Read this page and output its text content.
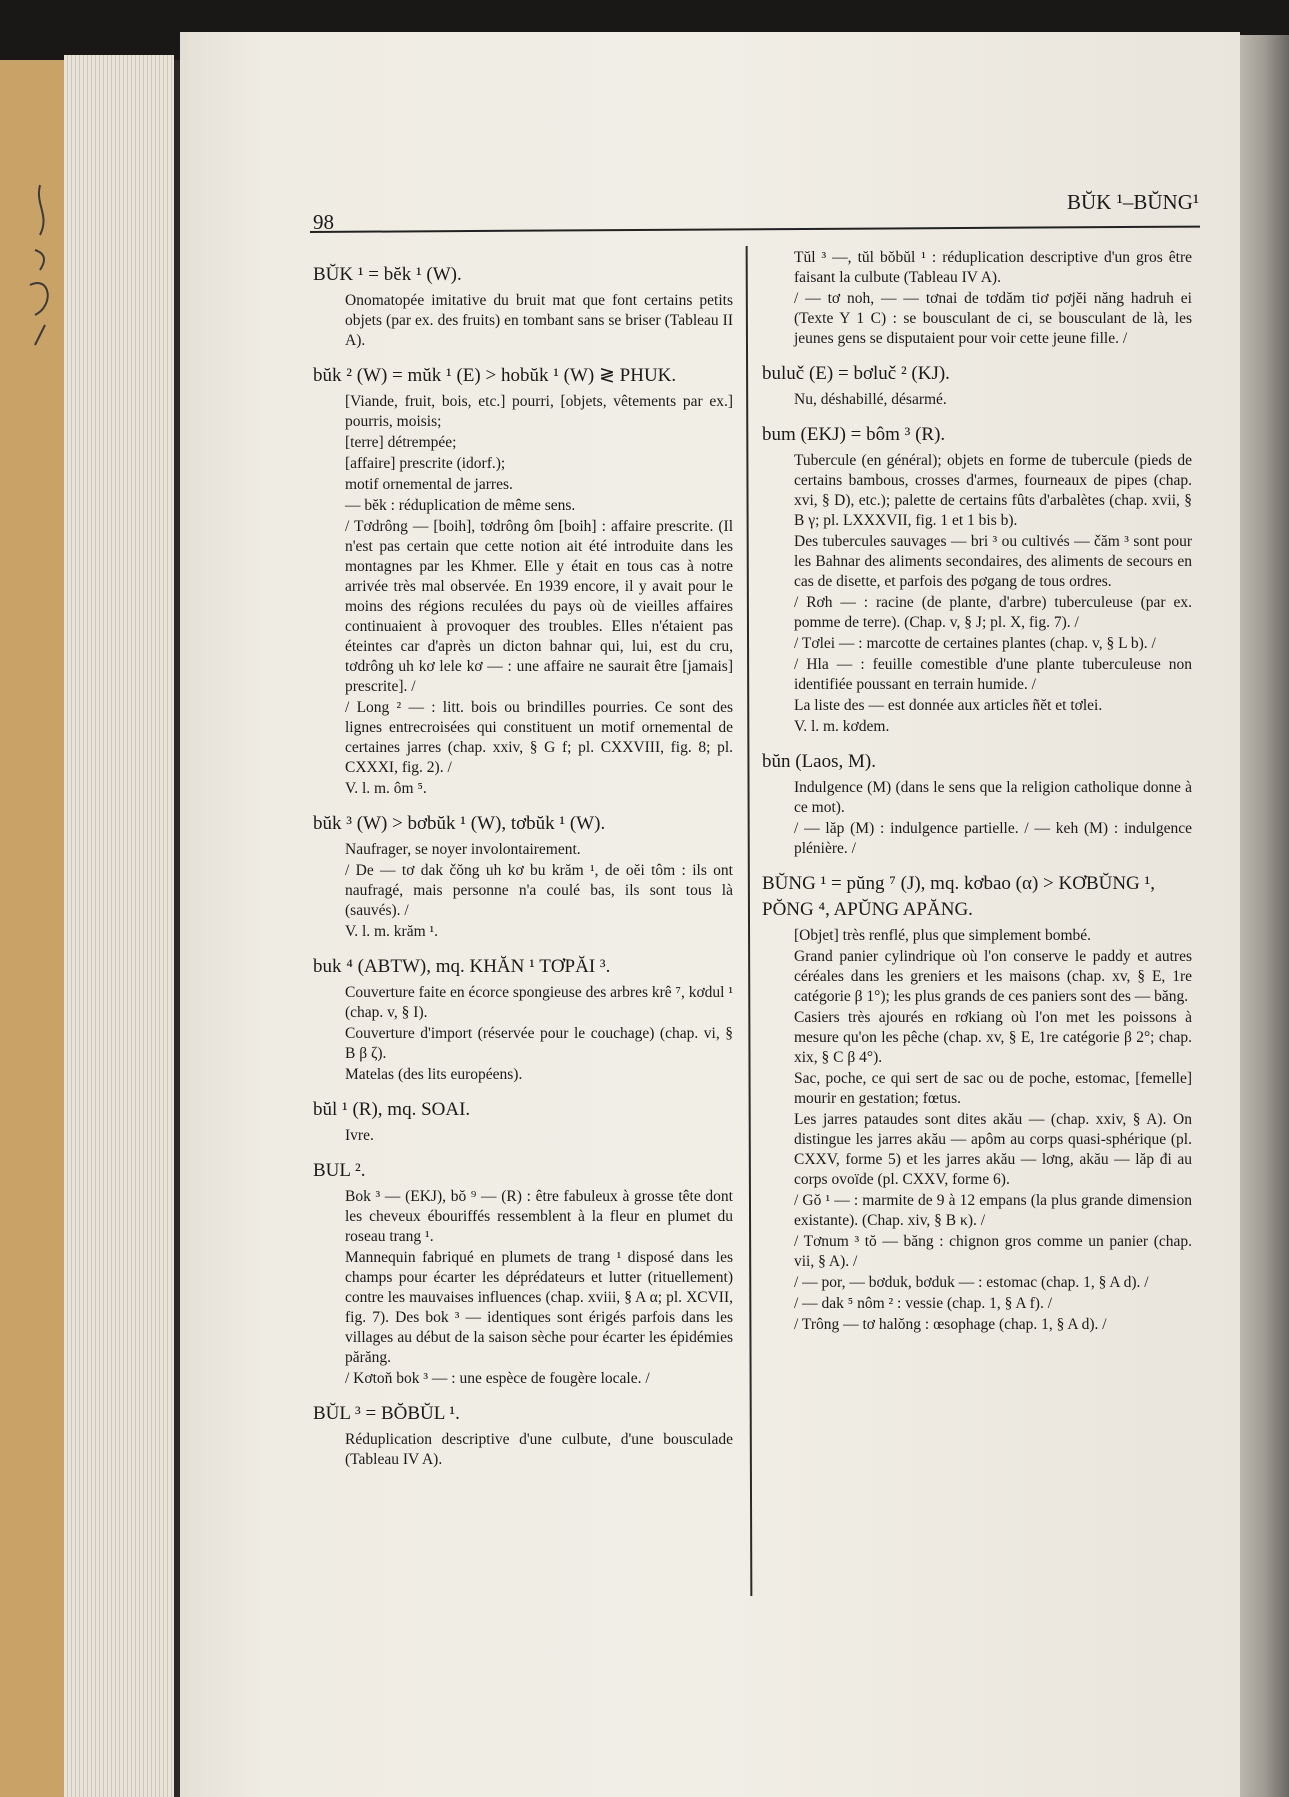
98
BŬK ¹–BŬNG¹
BŬK ¹ = bĕk ¹ (W).

Onomatopée imitative du bruit mat que font certains petits objets (par ex. des fruits) en tombant sans se briser (Tableau II A).

bŭk ² (W) = mŭk ¹ (E) > hobŭk ¹ (W) ≷ PHUK.

[Viande, fruit, bois, etc.] pourri, [objets, vêtements par ex.] pourris, moisis;

[terre] détrempée;

[affaire] prescrite (idorf.);

motif ornemental de jarres.

— bĕk : réduplication de même sens.

/ Tơdrông — [boih], tơdrông ôm [boih] : affaire prescrite. (Il n'est pas certain que cette notion ait été introduite dans les montagnes par les Khmer. Elle y était en tous cas à notre arrivée très mal observée. En 1939 encore, il y avait pour le moins des régions reculées du pays où de vieilles affaires continuaient à provoquer des troubles. Elles n'étaient pas éteintes car d'après un dicton bahnar qui, lui, est du cru, tơdrông uh kơ lele kơ — : une affaire ne saurait être [jamais] prescrite]. /

/ Long ² — : litt. bois ou brindilles pourries. Ce sont des lignes entrecroisées qui constituent un motif ornemental de certaines jarres (chap. xxiv, § G f; pl. CXXVIII, fig. 8; pl. CXXXI, fig. 2). /

V. l. m. ôm ⁵.

bŭk ³ (W) > bơbŭk ¹ (W), tơbŭk ¹ (W).

Naufrager, se noyer involontairement.

/ De — tơ dak čŏng uh kơ bu krăm ¹, de oĕi tôm : ils ont naufragé, mais personne n'a coulé bas, ils sont tous là (sauvés). /

V. l. m. krăm ¹.

buk ⁴ (ABTW), mq. KHĂN ¹ TƠPĂI ³.

Couverture faite en écorce spongieuse des arbres krê ⁷, kơdul ¹ (chap. v, § I).

Couverture d'import (réservée pour le couchage) (chap. vi, § B β ζ).

Matelas (des lits européens).

bŭl ¹ (R), mq. SOAI.

Ivre.

BUL ².

Bok ³ — (EKJ), bŏ ⁹ — (R) : être fabuleux à grosse tête dont les cheveux ébouriffés ressemblent à la fleur en plumet du roseau trang ¹.

Mannequin fabriqué en plumets de trang ¹ disposé dans les champs pour écarter les déprédateurs et lutter (rituellement) contre les mauvaises influences (chap. xviii, § A α; pl. XCVII, fig. 7). Des bok ³ — identiques sont érigés parfois dans les villages au début de la saison sèche pour écarter les épidémies părăng.

/ Kơtoň bok ³ — : une espèce de fougère locale. /

BŬL ³ = BŎBŬL ¹.

Réduplication descriptive d'une culbute, d'une bousculade (Tableau IV A).

Tŭl ³ —, tŭl bŏbŭl ¹ : réduplication descriptive d'un gros être faisant la culbute (Tableau IV A).

/ — tơ noh, — — tơnai de tơdăm tiơ pơjĕi năng hadruh ei (Texte Y 1 C) : se bousculant de ci, se bousculant de là, les jeunes gens se disputaient pour voir cette jeune fille. /

buluč (E) = bơluč ² (KJ).

Nu, déshabillé, désarmé.

bum (EKJ) = bôm ³ (R).

Tubercule (en général); objets en forme de tubercule (pieds de certains bambous, crosses d'armes, fourneaux de pipes (chap. xvi, § D), etc.); palette de certains fûts d'arbalètes (chap. xvii, § B γ; pl. LXXXVII, fig. 1 et 1 bis b).

Des tubercules sauvages — bri ³ ou cultivés — čăm ³ sont pour les Bahnar des aliments secondaires, des aliments de secours en cas de disette, et parfois des pơgang de tous ordres.

/ Rơh — : racine (de plante, d'arbre) tuberculeuse (par ex. pomme de terre). (Chap. v, § J; pl. X, fig. 7). /

/ Tơlei — : marcotte de certaines plantes (chap. v, § L b). /

/ Hla — : feuille comestible d'une plante tuberculeuse non identifiée poussant en terrain humide. /

La liste des — est donnée aux articles ñĕt et tơlei.

V. l. m. kơdem.

bŭn (Laos, M).

Indulgence (M) (dans le sens que la religion catholique donne à ce mot).

/ — lăp (M) : indulgence partielle. / — keh (M) : indulgence plénière. /

BŬNG ¹ = pŭng ⁷ (J), mq. kơbao (α) > KƠBŬNG ¹, PŎNG ⁴, APŬNG APĂNG.

[Objet] très renflé, plus que simplement bombé.

Grand panier cylindrique où l'on conserve le paddy et autres céréales dans les greniers et les maisons (chap. xv, § E, 1re catégorie β 1°); les plus grands de ces paniers sont des — băng.

Casiers très ajourés en rơkiang où l'on met les poissons à mesure qu'on les pêche (chap. xv, § E, 1re catégorie β 2°; chap. xix, § C β 4°).

Sac, poche, ce qui sert de sac ou de poche, estomac, [femelle] mourir en gestation; fœtus.

Les jarres pataudes sont dites akău — (chap. xxiv, § A). On distingue les jarres akău — apôm au corps quasi-sphérique (pl. CXXV, forme 5) et les jarres akău — lơng, akău — lăp đi au corps ovoïde (pl. CXXV, forme 6).

/ Gŏ ¹ — : marmite de 9 à 12 empans (la plus grande dimension existante). (Chap. xiv, § B κ). /

/ Tơnum ³ tŏ — băng : chignon gros comme un panier (chap. vii, § A). /

/ — por, — bơduk, bơduk — : estomac (chap. 1, § A d). /

/ — dak ⁵ nôm ² : vessie (chap. 1, § A f). /

/ Trông — tơ halŏng : œsophage (chap. 1, § A d). /
